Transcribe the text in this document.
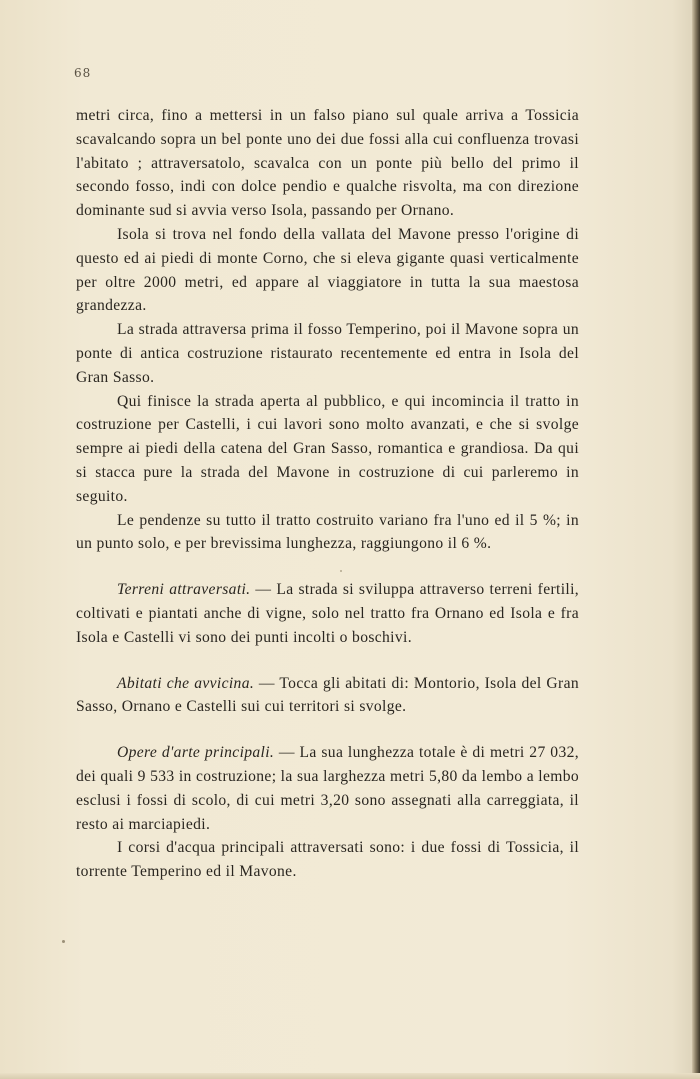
68

metri circa, fino a mettersi in un falso piano sul quale arriva a Tossicia scavalcando sopra un bel ponte uno dei due fossi alla cui confluenza trovasi l'abitato ; attraversatolo, scavalca con un ponte più bello del primo il secondo fosso, indi con dolce pendio e qualche risvolta, ma con direzione dominante sud si avvia verso Isola, passando per Ornano.

Isola si trova nel fondo della vallata del Mavone presso l'origine di questo ed ai piedi di monte Corno, che si eleva gigante quasi verticalmente per oltre 2000 metri, ed appare al viaggiatore in tutta la sua maestosa grandezza.

La strada attraversa prima il fosso Temperino, poi il Mavone sopra un ponte di antica costruzione ristaurato recentemente ed entra in Isola del Gran Sasso.

Qui finisce la strada aperta al pubblico, e qui incomincia il tratto in costruzione per Castelli, i cui lavori sono molto avanzati, e che si svolge sempre ai piedi della catena del Gran Sasso, romantica e grandiosa. Da qui si stacca pure la strada del Mavone in costruzione di cui parleremo in seguito.

Le pendenze su tutto il tratto costruito variano fra l'uno ed il 5 %; in un punto solo, e per brevissima lunghezza, raggiungono il 6 %.

Terreni attraversati. — La strada si sviluppa attraverso terreni fertili, coltivati e piantati anche di vigne, solo nel tratto fra Ornano ed Isola e fra Isola e Castelli vi sono dei punti incolti o boschivi.

Abitati che avvicina. — Tocca gli abitati di: Montorio, Isola del Gran Sasso, Ornano e Castelli sui cui territori si svolge.

Opere d'arte principali. — La sua lunghezza totale è di metri 27 032, dei quali 9 533 in costruzione; la sua larghezza metri 5,80 da lembo a lembo esclusi i fossi di scolo, di cui metri 3,20 sono assegnati alla carreggiata, il resto ai marciapiedi.

I corsi d'acqua principali attraversati sono: i due fossi di Tossicia, il torrente Temperino ed il Mavone.
